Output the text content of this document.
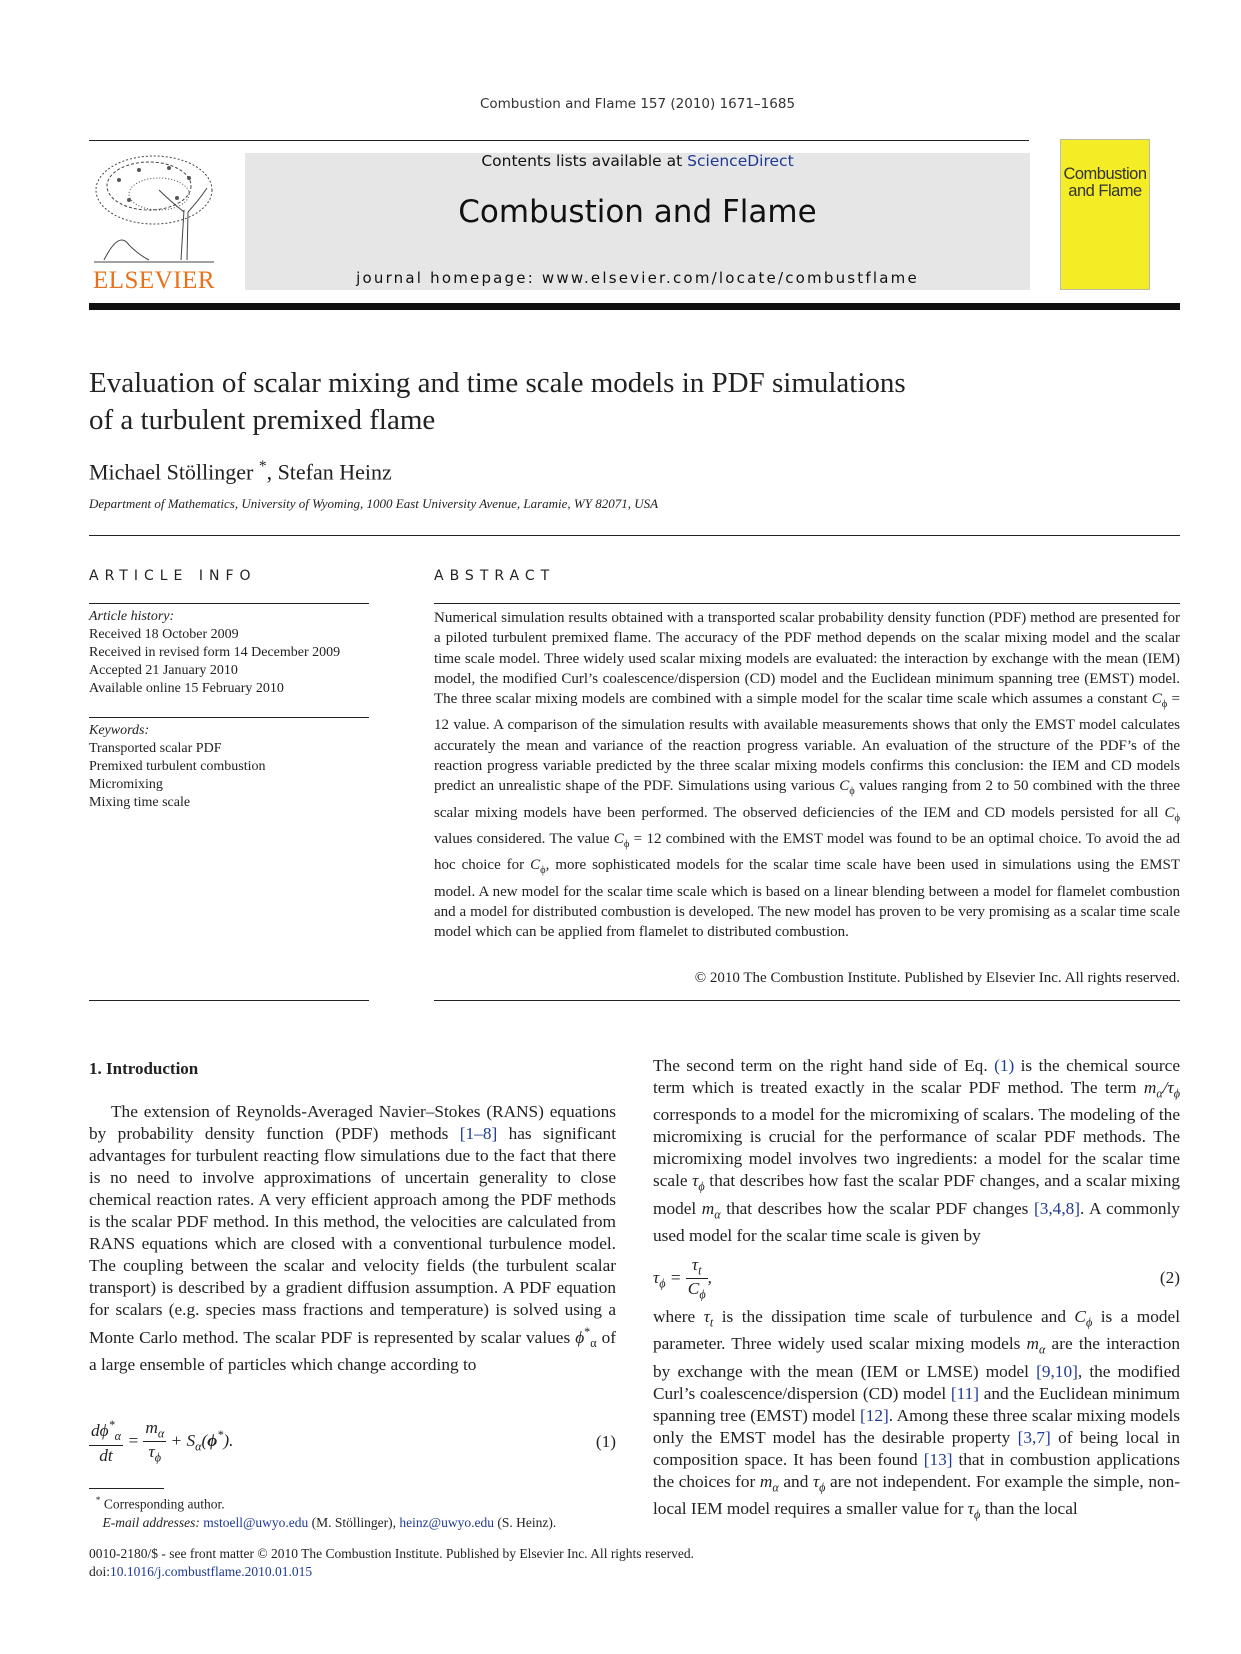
Combustion and Flame 157 (2010) 1671–1685
ELSEVIER
Contents lists available at ScienceDirect
Combustion and Flame
journal homepage: www.elsevier.com/locate/combustflame
Combustion and Flame
Evaluation of scalar mixing and time scale models in PDF simulations
of a turbulent premixed flame
Michael Stöllinger *, Stefan Heinz
Department of Mathematics, University of Wyoming, 1000 East University Avenue, Laramie, WY 82071, USA
ARTICLE INFO
Article history:
Received 18 October 2009
Received in revised form 14 December 2009
Accepted 21 January 2010
Available online 15 February 2010
Keywords:
Transported scalar PDF
Premixed turbulent combustion
Micromixing
Mixing time scale
ABSTRACT
Numerical simulation results obtained with a transported scalar probability density function (PDF) method are presented for a piloted turbulent premixed flame. The accuracy of the PDF method depends on the scalar mixing model and the scalar time scale model. Three widely used scalar mixing models are evaluated: the interaction by exchange with the mean (IEM) model, the modified Curl’s coalescence/dispersion (CD) model and the Euclidean minimum spanning tree (EMST) model. The three scalar mixing models are combined with a simple model for the scalar time scale which assumes a constant $C_\phi = 12$ value. A comparison of the simulation results with available measurements shows that only the EMST model calculates accurately the mean and variance of the reaction progress variable. An evaluation of the structure of the PDF’s of the reaction progress variable predicted by the three scalar mixing models confirms this conclusion: the IEM and CD models predict an unrealistic shape of the PDF. Simulations using various $C_\phi$ values ranging from 2 to 50 combined with the three scalar mixing models have been performed. The observed deficiencies of the IEM and CD models persisted for all $C_\phi$ values considered. The value $C_\phi = 12$ combined with the EMST model was found to be an optimal choice. To avoid the ad hoc choice for $C_\phi$, more sophisticated models for the scalar time scale have been used in simulations using the EMST model. A new model for the scalar time scale which is based on a linear blending between a model for flamelet combustion and a model for distributed combustion is developed. The new model has proven to be very promising as a scalar time scale model which can be applied from flamelet to distributed combustion.
© 2010 The Combustion Institute. Published by Elsevier Inc. All rights reserved.
1. Introduction
The extension of Reynolds-Averaged Navier–Stokes (RANS) equations by probability density function (PDF) methods [1–8] has significant advantages for turbulent reacting flow simulations due to the fact that there is no need to involve approximations of uncertain generality to close chemical reaction rates. A very efficient approach among the PDF methods is the scalar PDF method. In this method, the velocities are calculated from RANS equations which are closed with a conventional turbulence model. The coupling between the scalar and velocity fields (the turbulent scalar transport) is described by a gradient diffusion assumption. A PDF equation for scalars (e.g. species mass fractions and temperature) is solved using a Monte Carlo method. The scalar PDF is represented by scalar values $\phi^*_\alpha$ of a large ensemble of particles which change according to
$\frac{d\phi^*_\alpha}{dt} = \frac{m_\alpha}{\tau_\phi} + S_\alpha(\phi^*)$.	(1)
* Corresponding author.
E-mail addresses: mstoell@uwyo.edu (M. Stöllinger), heinz@uwyo.edu (S. Heinz).
The second term on the right hand side of Eq. (1) is the chemical source term which is treated exactly in the scalar PDF method. The term $m_\alpha/\tau_\phi$ corresponds to a model for the micromixing of scalars. The modeling of the micromixing is crucial for the performance of scalar PDF methods. The micromixing model involves two ingredients: a model for the scalar time scale $\tau_\phi$ that describes how fast the scalar PDF changes, and a scalar mixing model $m_\alpha$ that describes how the scalar PDF changes [3,4,8]. A commonly used model for the scalar time scale is given by
$\tau_\phi = \frac{\tau_t}{C_\phi}$ ,	(2)
where $\tau_t$ is the dissipation time scale of turbulence and $C_\phi$ is a model parameter. Three widely used scalar mixing models $m_\alpha$ are the interaction by exchange with the mean (IEM or LMSE) model [9,10], the modified Curl’s coalescence/dispersion (CD) model [11] and the Euclidean minimum spanning tree (EMST) model [12]. Among these three scalar mixing models only the EMST model has the desirable property [3,7] of being local in composition space. It has been found [13] that in combustion applications the choices for $m_\alpha$ and $\tau_\phi$ are not independent. For example the simple, non-local IEM model requires a smaller value for $\tau_\phi$ than the local
0010-2180/$ - see front matter © 2010 The Combustion Institute. Published by Elsevier Inc. All rights reserved.
doi:10.1016/j.combustflame.2010.01.015
